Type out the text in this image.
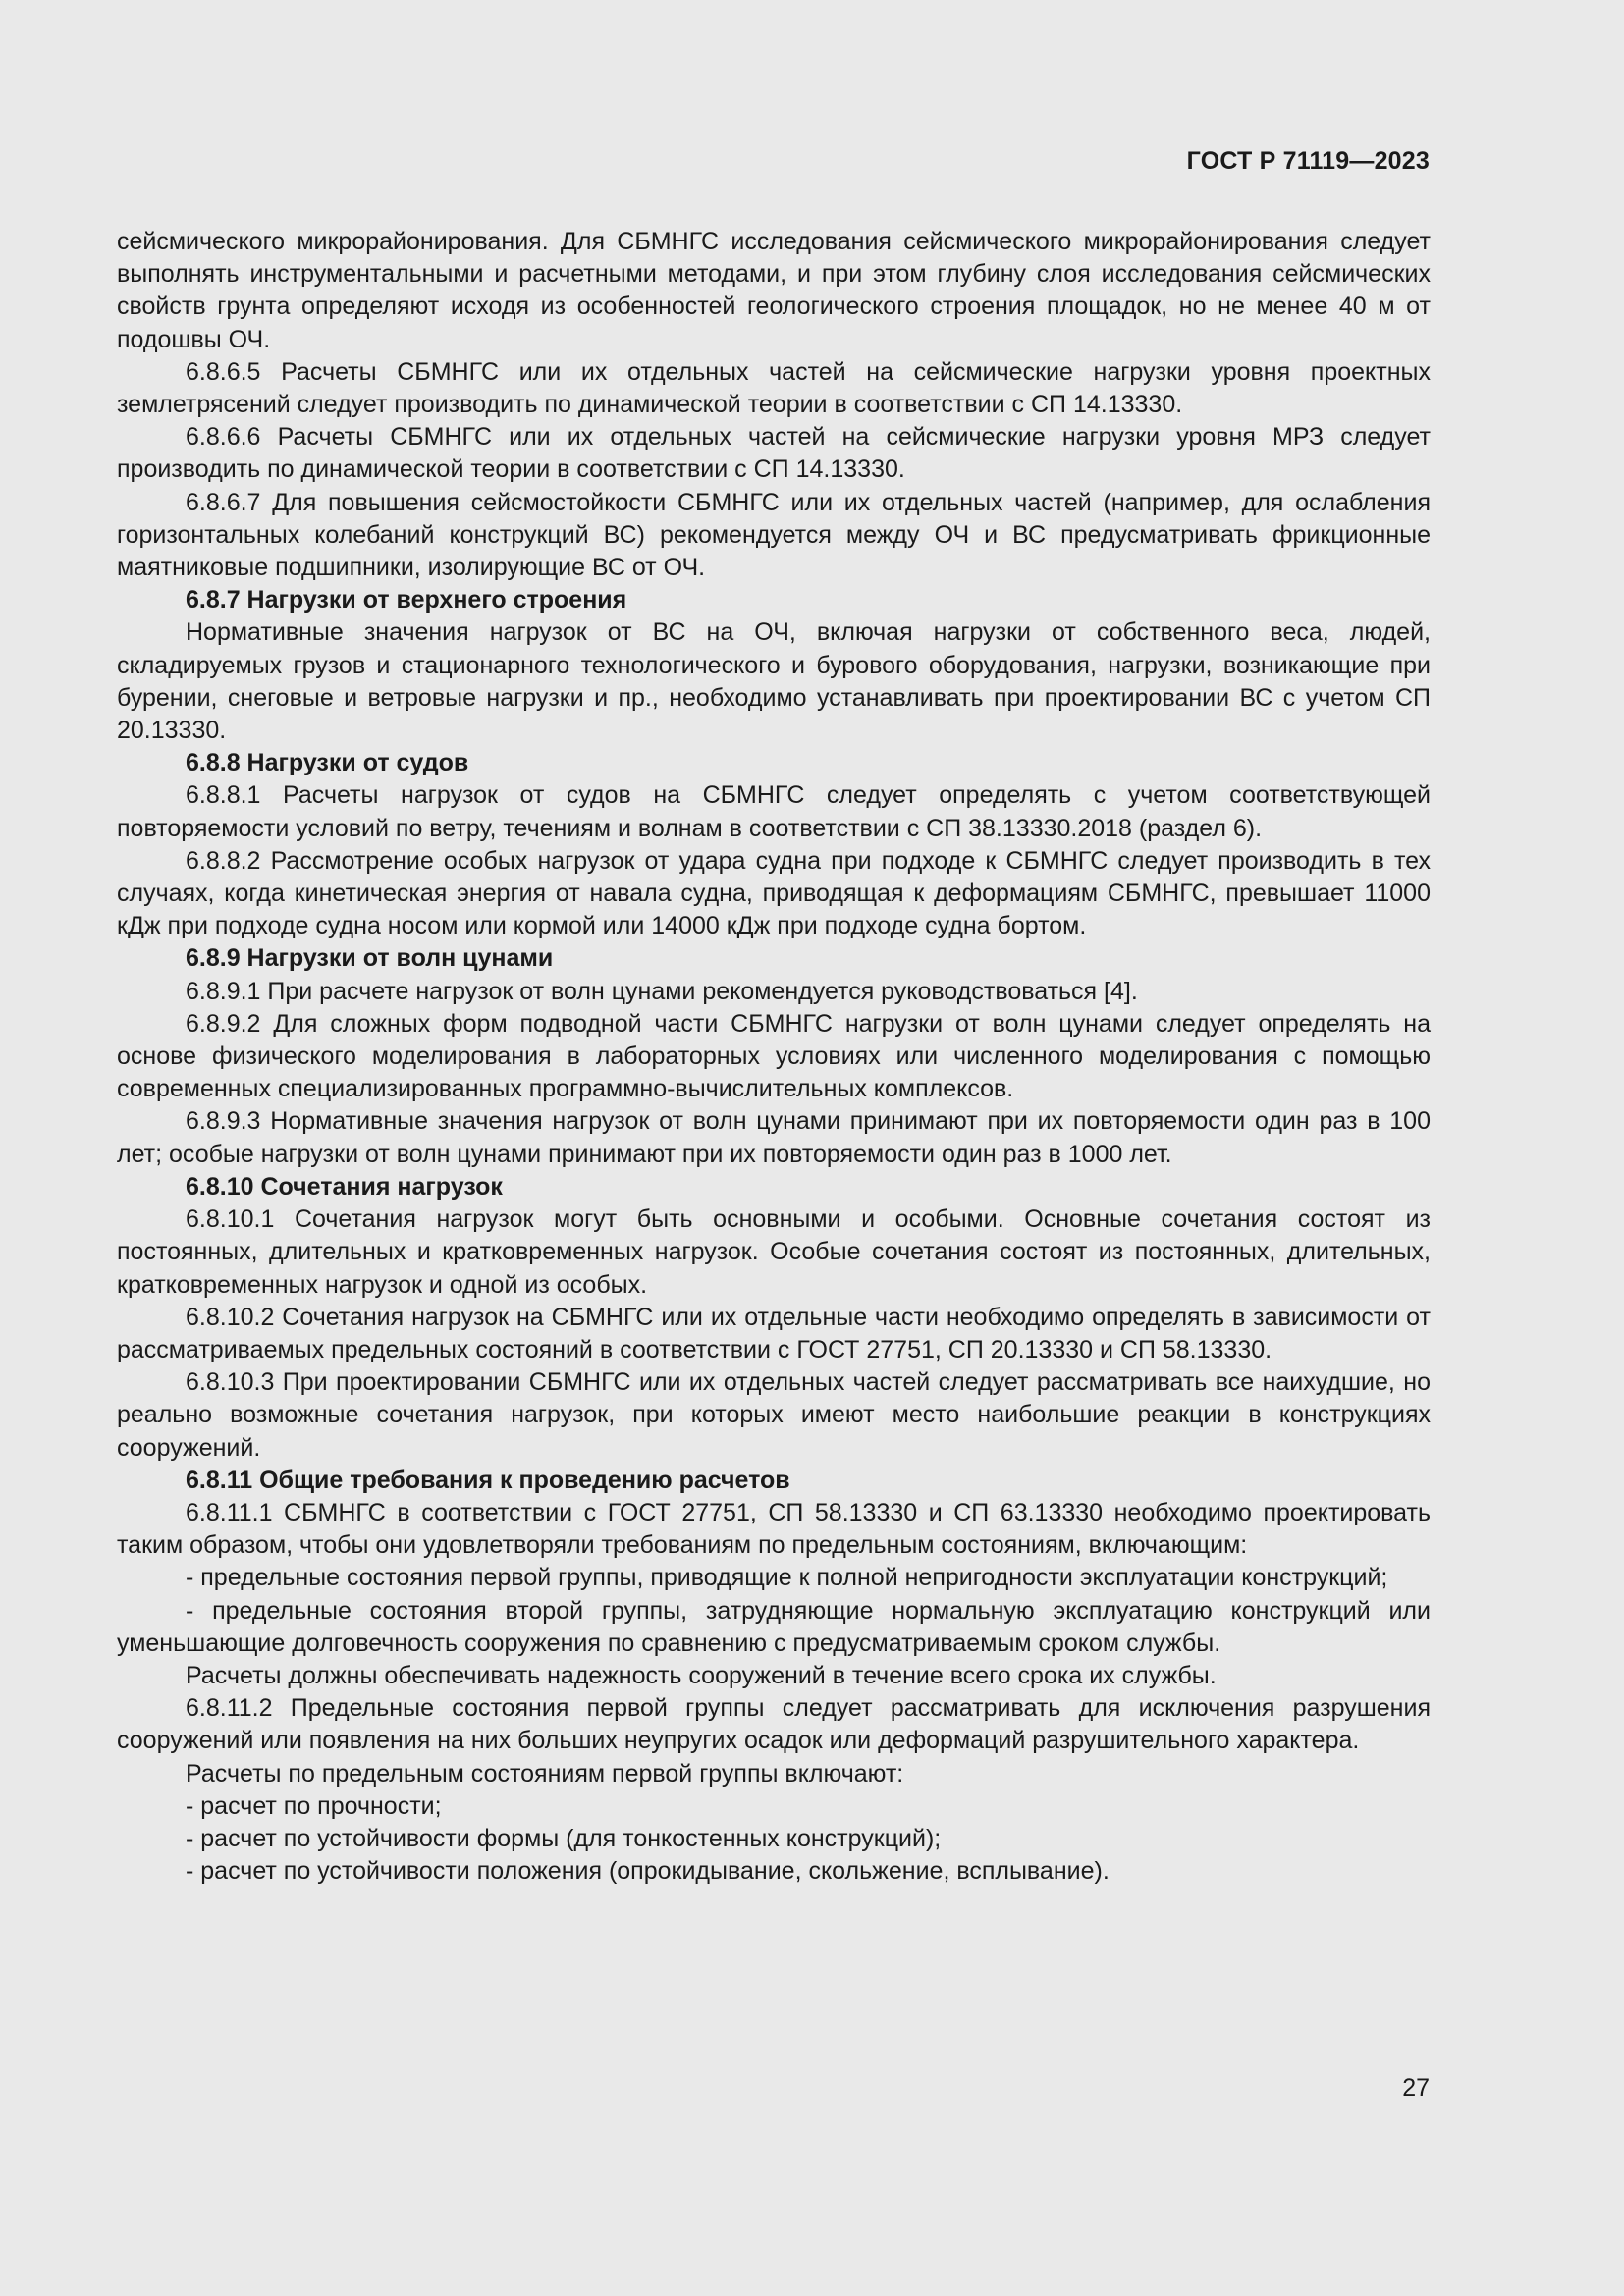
ГОСТ Р 71119—2023

сейсмического микрорайонирования. Для СБМНГС исследования сейсмического микрорайонирования следует выполнять инструментальными и расчетными методами, и при этом глубину слоя исследования сейсмических свойств грунта определяют исходя из особенностей геологического строения площадок, но не менее 40 м от подошвы ОЧ.

6.8.6.5 Расчеты СБМНГС или их отдельных частей на сейсмические нагрузки уровня проектных землетрясений следует производить по динамической теории в соответствии с СП 14.13330.

6.8.6.6 Расчеты СБМНГС или их отдельных частей на сейсмические нагрузки уровня МРЗ следует производить по динамической теории в соответствии с СП 14.13330.

6.8.6.7 Для повышения сейсмостойкости СБМНГС или их отдельных частей (например, для ослабления горизонтальных колебаний конструкций ВС) рекомендуется между ОЧ и ВС предусматривать фрикционные маятниковые подшипники, изолирующие ВС от ОЧ.

6.8.7 Нагрузки от верхнего строения

Нормативные значения нагрузок от ВС на ОЧ, включая нагрузки от собственного веса, людей, складируемых грузов и стационарного технологического и бурового оборудования, нагрузки, возникающие при бурении, снеговые и ветровые нагрузки и пр., необходимо устанавливать при проектировании ВС с учетом СП 20.13330.

6.8.8 Нагрузки от судов

6.8.8.1 Расчеты нагрузок от судов на СБМНГС следует определять с учетом соответствующей повторяемости условий по ветру, течениям и волнам в соответствии с СП 38.13330.2018 (раздел 6).

6.8.8.2 Рассмотрение особых нагрузок от удара судна при подходе к СБМНГС следует производить в тех случаях, когда кинетическая энергия от навала судна, приводящая к деформациям СБМНГС, превышает 11000 кДж при подходе судна носом или кормой или 14000 кДж при подходе судна бортом.

6.8.9 Нагрузки от волн цунами

6.8.9.1 При расчете нагрузок от волн цунами рекомендуется руководствоваться [4].

6.8.9.2 Для сложных форм подводной части СБМНГС нагрузки от волн цунами следует определять на основе физического моделирования в лабораторных условиях или численного моделирования с помощью современных специализированных программно-вычислительных комплексов.

6.8.9.3 Нормативные значения нагрузок от волн цунами принимают при их повторяемости один раз в 100 лет; особые нагрузки от волн цунами принимают при их повторяемости один раз в 1000 лет.

6.8.10 Сочетания нагрузок

6.8.10.1 Сочетания нагрузок могут быть основными и особыми. Основные сочетания состоят из постоянных, длительных и кратковременных нагрузок. Особые сочетания состоят из постоянных, длительных, кратковременных нагрузок и одной из особых.

6.8.10.2 Сочетания нагрузок на СБМНГС или их отдельные части необходимо определять в зависимости от рассматриваемых предельных состояний в соответствии с ГОСТ 27751, СП 20.13330 и СП 58.13330.

6.8.10.3 При проектировании СБМНГС или их отдельных частей следует рассматривать все наихудшие, но реально возможные сочетания нагрузок, при которых имеют место наибольшие реакции в конструкциях сооружений.

6.8.11 Общие требования к проведению расчетов

6.8.11.1 СБМНГС в соответствии с ГОСТ 27751, СП 58.13330 и СП 63.13330 необходимо проектировать таким образом, чтобы они удовлетворяли требованиям по предельным состояниям, включающим:

- предельные состояния первой группы, приводящие к полной непригодности эксплуатации конструкций;

- предельные состояния второй группы, затрудняющие нормальную эксплуатацию конструкций или уменьшающие долговечность сооружения по сравнению с предусматриваемым сроком службы.

Расчеты должны обеспечивать надежность сооружений в течение всего срока их службы.

6.8.11.2 Предельные состояния первой группы следует рассматривать для исключения разрушения сооружений или появления на них больших неупругих осадок или деформаций разрушительного характера.

Расчеты по предельным состояниям первой группы включают:

- расчет по прочности;

- расчет по устойчивости формы (для тонкостенных конструкций);

- расчет по устойчивости положения (опрокидывание, скольжение, всплывание).

27
